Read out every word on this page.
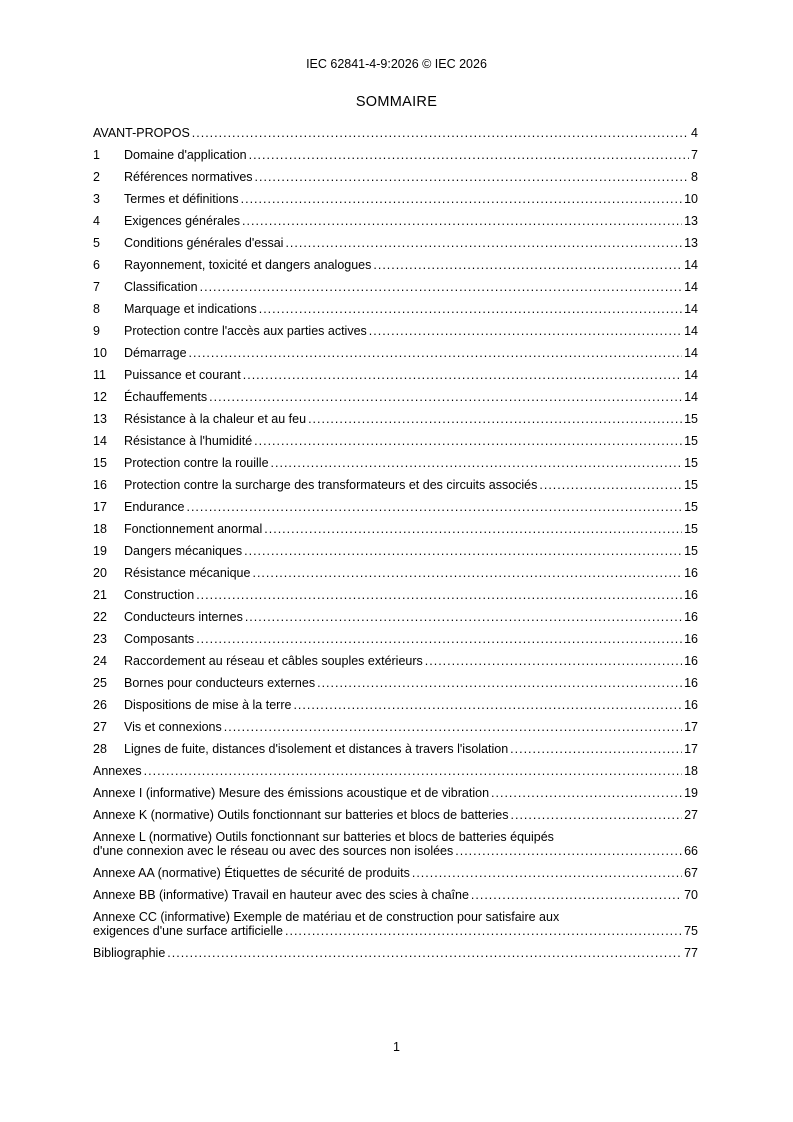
IEC 62841-4-9:2026 © IEC 2026
SOMMAIRE
AVANT-PROPOS .....	4
1	Domaine d'application .....	7
2	Références normatives .....	8
3	Termes et définitions .....	10
4	Exigences générales .....	13
5	Conditions générales d'essai .....	13
6	Rayonnement, toxicité et dangers analogues .....	14
7	Classification .....	14
8	Marquage et indications .....	14
9	Protection contre l'accès aux parties actives .....	14
10	Démarrage .....	14
11	Puissance et courant .....	14
12	Échauffements .....	14
13	Résistance à la chaleur et au feu .....	15
14	Résistance à l'humidité .....	15
15	Protection contre la rouille .....	15
16	Protection contre la surcharge des transformateurs et des circuits associés .....	15
17	Endurance .....	15
18	Fonctionnement anormal .....	15
19	Dangers mécaniques .....	15
20	Résistance mécanique .....	16
21	Construction .....	16
22	Conducteurs internes .....	16
23	Composants .....	16
24	Raccordement au réseau et câbles souples extérieurs .....	16
25	Bornes pour conducteurs externes .....	16
26	Dispositions de mise à la terre .....	16
27	Vis et connexions .....	17
28	Lignes de fuite, distances d'isolement et distances à travers l'isolation .....	17
Annexes .....	18
Annexe I (informative) Mesure des émissions acoustique et de vibration .....	19
Annexe K (normative) Outils fonctionnant sur batteries et blocs de batteries .....	27
Annexe L (normative) Outils fonctionnant sur batteries et blocs de batteries équipés
d'une connexion avec le réseau ou avec des sources non isolées .....	66
Annexe AA (normative) Étiquettes de sécurité de produits .....	67
Annexe BB (informative) Travail en hauteur avec des scies à chaîne .....	70
Annexe CC (informative) Exemple de matériau et de construction pour satisfaire aux
exigences d'une surface artificielle .....	75
Bibliographie .....	77
1
